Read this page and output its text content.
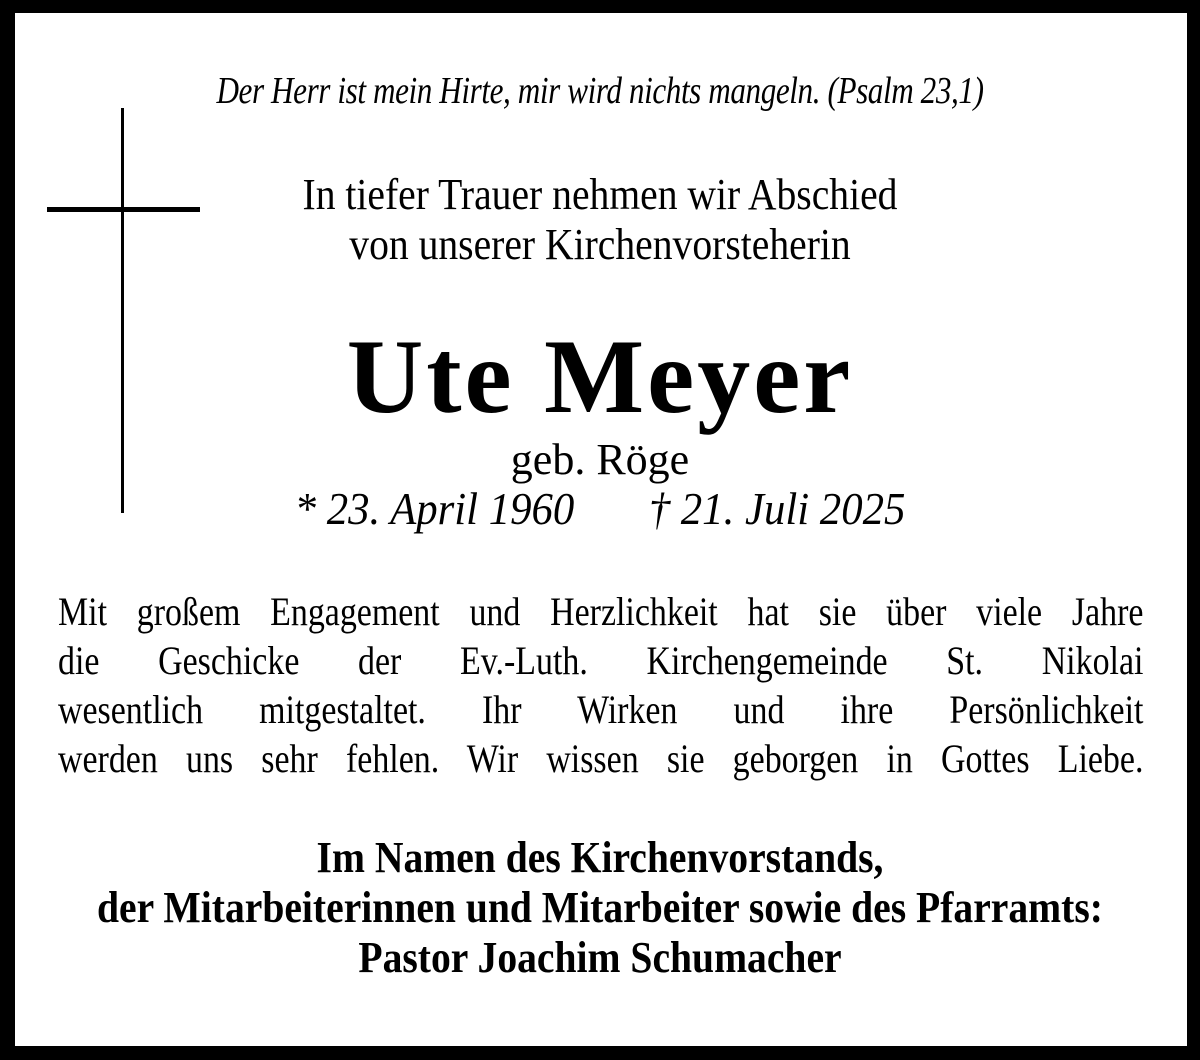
Der Herr ist mein Hirte, mir wird nichts mangeln. (Psalm 23,1)
In tiefer Trauer nehmen wir Abschied
von unserer Kirchenvorsteherin
Ute Meyer
geb. Röge
* 23. April 1960 † 21. Juli 2025
Mit großem Engagement und Herzlichkeit hat sie über viele Jahre
die Geschicke der Ev.-Luth. Kirchengemeinde St. Nikolai
wesentlich mitgestaltet. Ihr Wirken und ihre Persönlichkeit
werden uns sehr fehlen. Wir wissen sie geborgen in Gottes Liebe.
Im Namen des Kirchenvorstands,
der Mitarbeiterinnen und Mitarbeiter sowie des Pfarramts:
Pastor Joachim Schumacher
